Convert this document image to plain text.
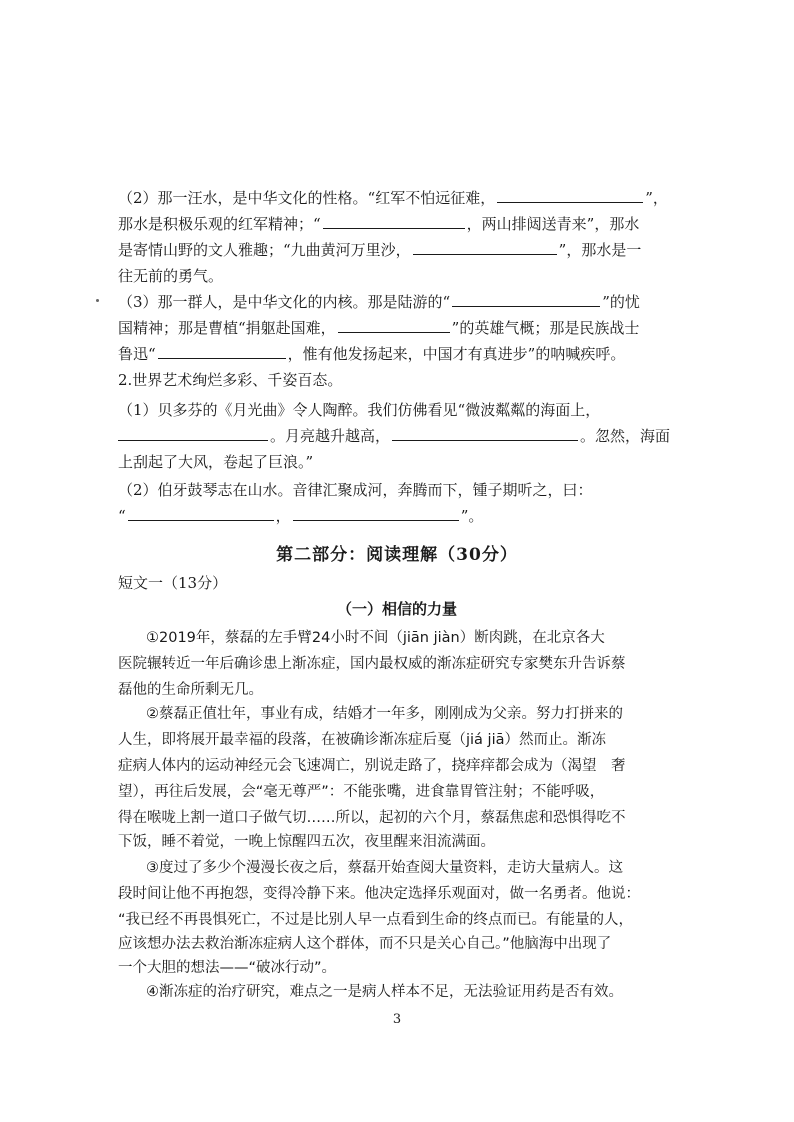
（2）那一汪水，是中华文化的性格。“红军不怕远征难，	”，
那水是积极乐观的红军精神；“	，两山排闼送青来”，那水
是寄情山野的文人雅趣；“九曲黄河万里沙，	”，那水是一
往无前的勇气。
（3）那一群人，是中华文化的内核。那是陆游的“	”的忧
国精神；那是曹植“捐躯赴国难，	”的英雄气概；那是民族战士
鲁迅“	，惟有他发扬起来，中国才有真进步”的呐喊疾呼。
2.世界艺术绚烂多彩、千姿百态。
（1）贝多芬的《月光曲》令人陶醉。我们仿佛看见“微波粼粼的海面上，
。月亮越升越高，	。忽然，海面
上刮起了大风，卷起了巨浪。”
（2）伯牙鼓琴志在山水。音律汇聚成河，奔腾而下，锺子期听之，曰：
“	，	”。
第二部分：阅读理解（30分）
短文一（13分）
（一）相信的力量
①2019年，蔡磊的左手臂24小时不间（jiān jiàn）断肉跳，在北京各大
医院辗转近一年后确诊患上渐冻症，国内最权威的渐冻症研究专家樊东升告诉蔡
磊他的生命所剩无几。
②蔡磊正值壮年，事业有成，结婚才一年多，刚刚成为父亲。努力打拼来的
人生，即将展开最幸福的段落，在被确诊渐冻症后戛（jiá jiā）然而止。渐冻
症病人体内的运动神经元会飞速凋亡，别说走路了，挠痒痒都会成为（渴望　奢
望），再往后发展，会“毫无尊严”：不能张嘴，进食靠胃管注射；不能呼吸，
得在喉咙上割一道口子做气切……所以，起初的六个月，蔡磊焦虑和恐惧得吃不
下饭，睡不着觉，一晚上惊醒四五次，夜里醒来泪流满面。
③度过了多少个漫漫长夜之后，蔡磊开始查阅大量资料，走访大量病人。这
段时间让他不再抱怨，变得冷静下来。他决定选择乐观面对，做一名勇者。他说：
“我已经不再畏惧死亡，不过是比别人早一点看到生命的终点而已。有能量的人，
应该想办法去救治渐冻症病人这个群体，而不只是关心自己。”他脑海中出现了
一个大胆的想法——“破冰行动”。
④渐冻症的治疗研究，难点之一是病人样本不足，无法验证用药是否有效。
3
